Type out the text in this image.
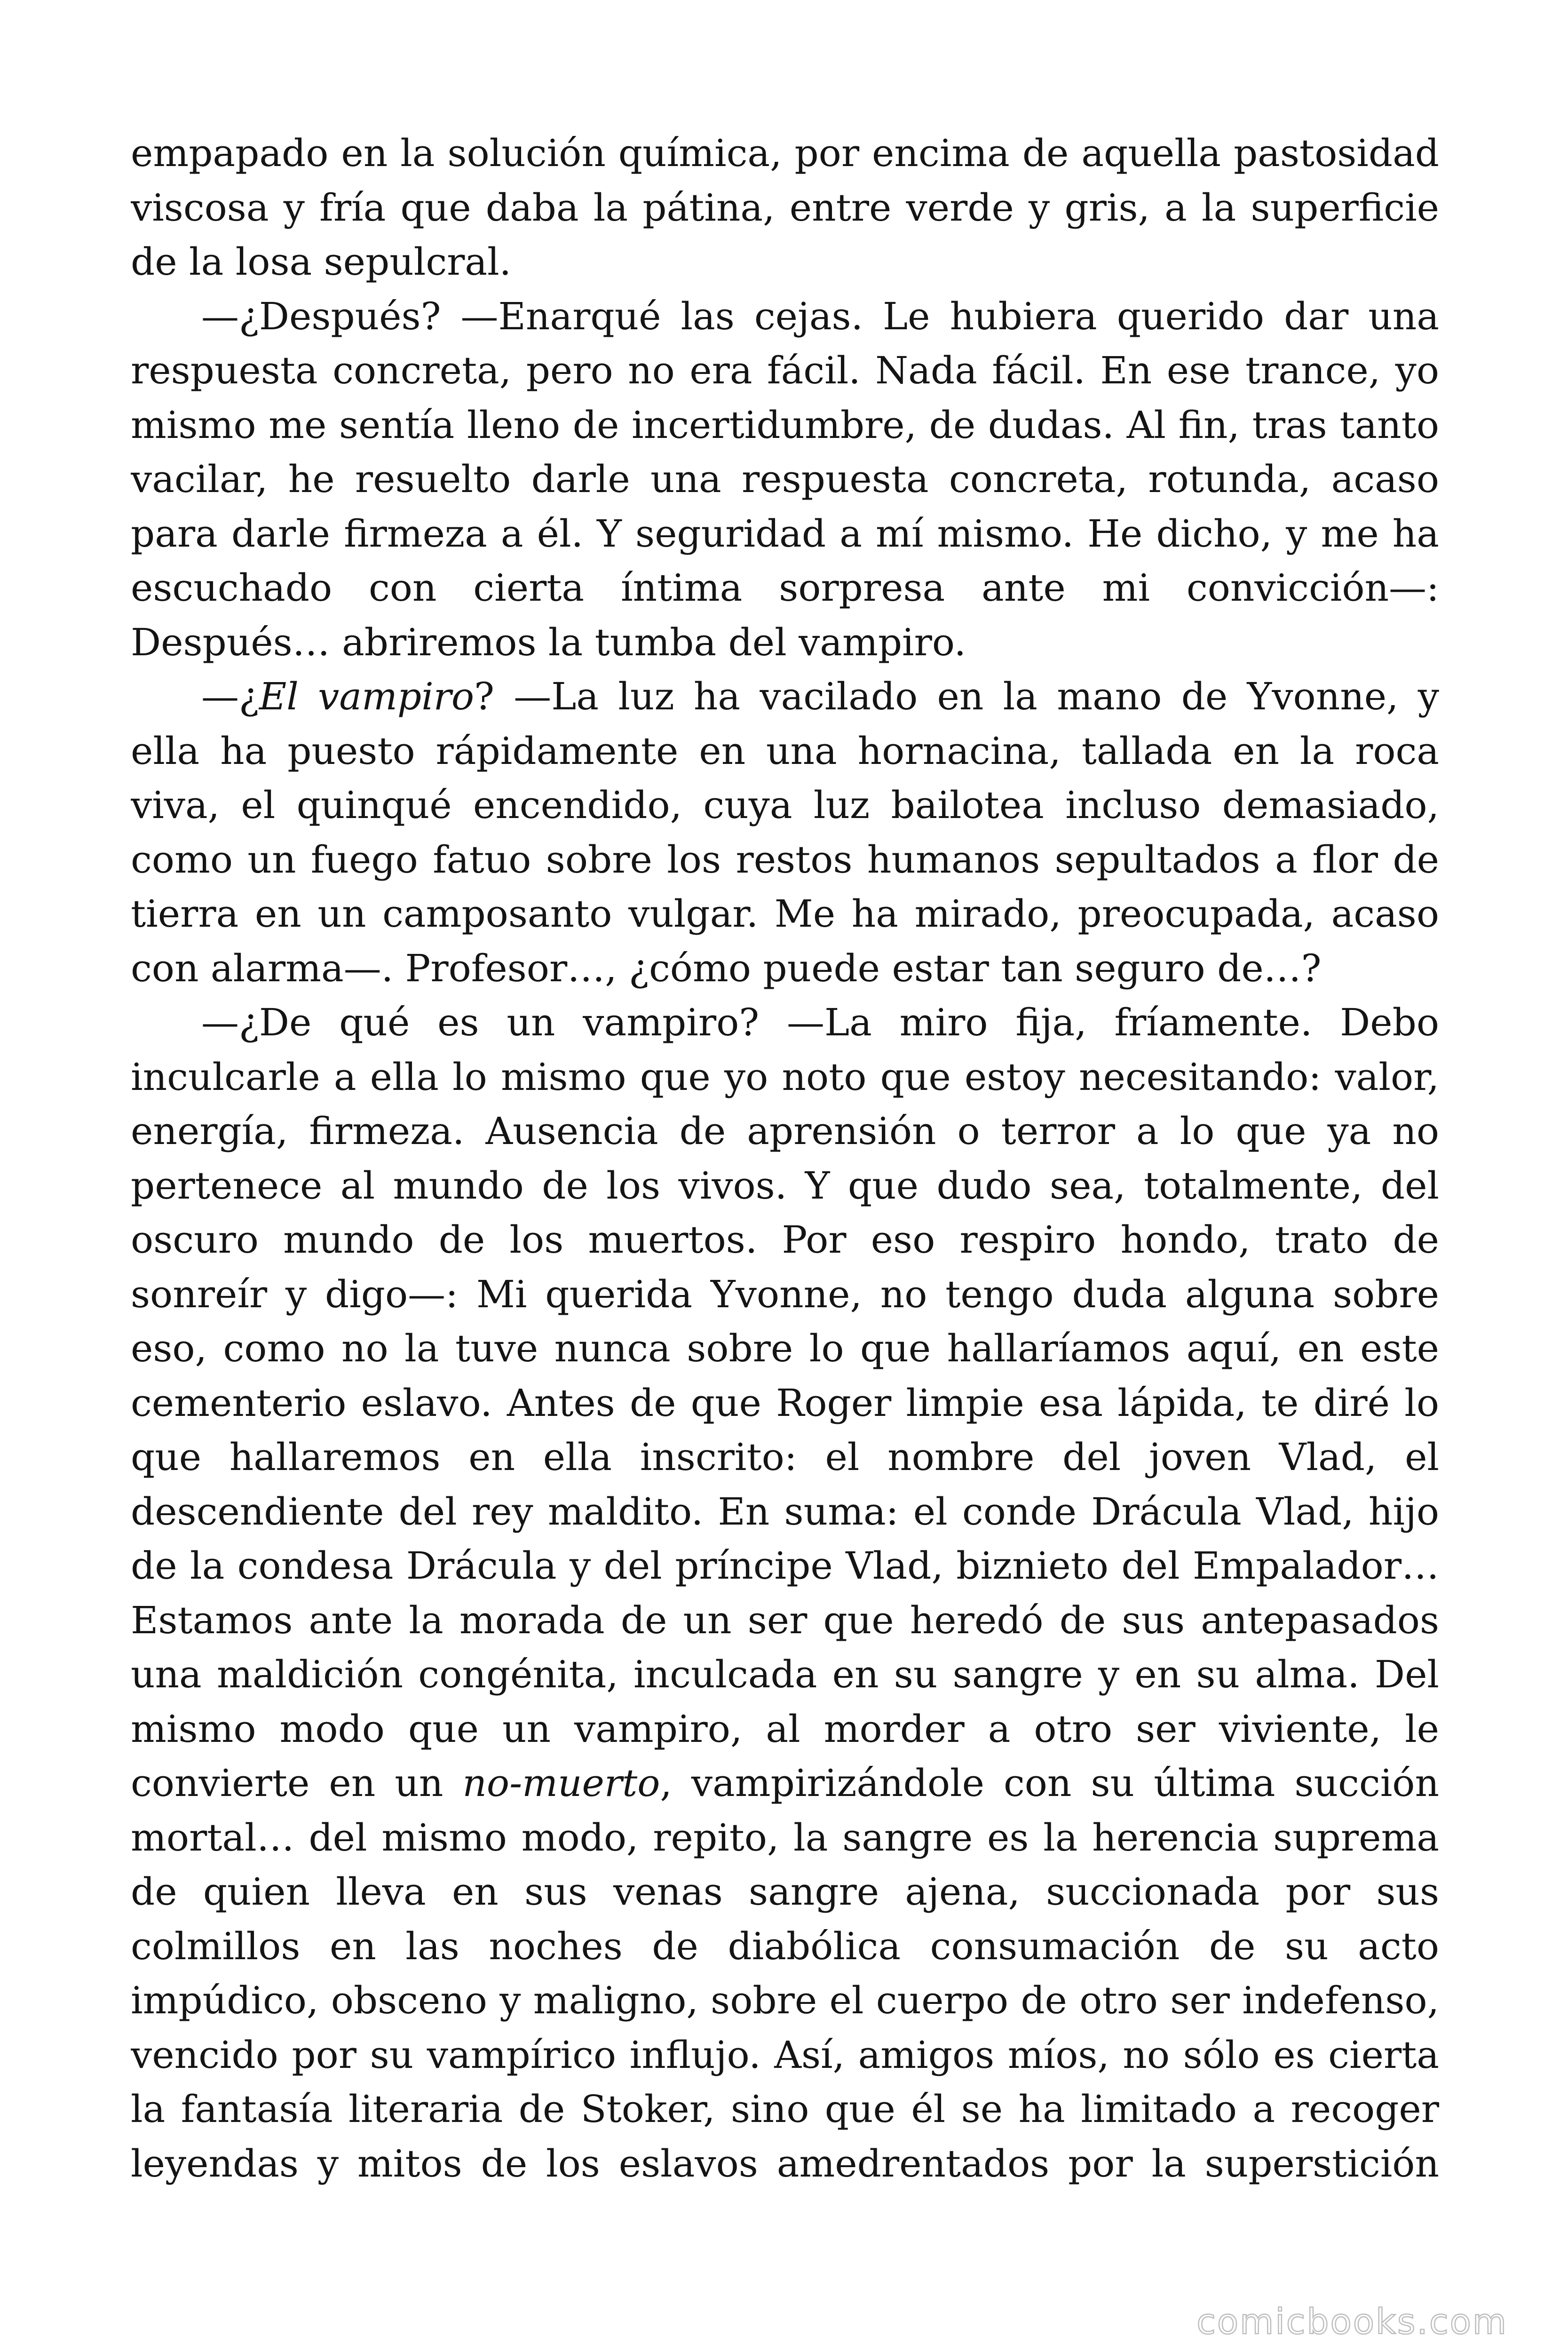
empapado en la solución química, por encima de aquella pastosidad
viscosa y fría que daba la pátina, entre verde y gris, a la superficie
de la losa sepulcral.
—¿Después? —Enarqué las cejas. Le hubiera querido dar una
respuesta concreta, pero no era fácil. Nada fácil. En ese trance, yo
mismo me sentía lleno de incertidumbre, de dudas. Al fin, tras tanto
vacilar, he resuelto darle una respuesta concreta, rotunda, acaso
para darle firmeza a él. Y seguridad a mí mismo. He dicho, y me ha
escuchado con cierta íntima sorpresa ante mi convicción—:
Después… abriremos la tumba del vampiro.
—¿El vampiro? —La luz ha vacilado en la mano de Yvonne, y
ella ha puesto rápidamente en una hornacina, tallada en la roca
viva, el quinqué encendido, cuya luz bailotea incluso demasiado,
como un fuego fatuo sobre los restos humanos sepultados a flor de
tierra en un camposanto vulgar. Me ha mirado, preocupada, acaso
con alarma—. Profesor…, ¿cómo puede estar tan seguro de…?
—¿De qué es un vampiro? —La miro fija, fríamente. Debo
inculcarle a ella lo mismo que yo noto que estoy necesitando: valor,
energía, firmeza. Ausencia de aprensión o terror a lo que ya no
pertenece al mundo de los vivos. Y que dudo sea, totalmente, del
oscuro mundo de los muertos. Por eso respiro hondo, trato de
sonreír y digo—: Mi querida Yvonne, no tengo duda alguna sobre
eso, como no la tuve nunca sobre lo que hallaríamos aquí, en este
cementerio eslavo. Antes de que Roger limpie esa lápida, te diré lo
que hallaremos en ella inscrito: el nombre del joven Vlad, el
descendiente del rey maldito. En suma: el conde Drácula Vlad, hijo
de la condesa Drácula y del príncipe Vlad, biznieto del Empalador…
Estamos ante la morada de un ser que heredó de sus antepasados
una maldición congénita, inculcada en su sangre y en su alma. Del
mismo modo que un vampiro, al morder a otro ser viviente, le
convierte en un no-muerto, vampirizándole con su última succión
mortal… del mismo modo, repito, la sangre es la herencia suprema
de quien lleva en sus venas sangre ajena, succionada por sus
colmillos en las noches de diabólica consumación de su acto
impúdico, obsceno y maligno, sobre el cuerpo de otro ser indefenso,
vencido por su vampírico influjo. Así, amigos míos, no sólo es cierta
la fantasía literaria de Stoker, sino que él se ha limitado a recoger
leyendas y mitos de los eslavos amedrentados por la superstición
comicbooks.com
